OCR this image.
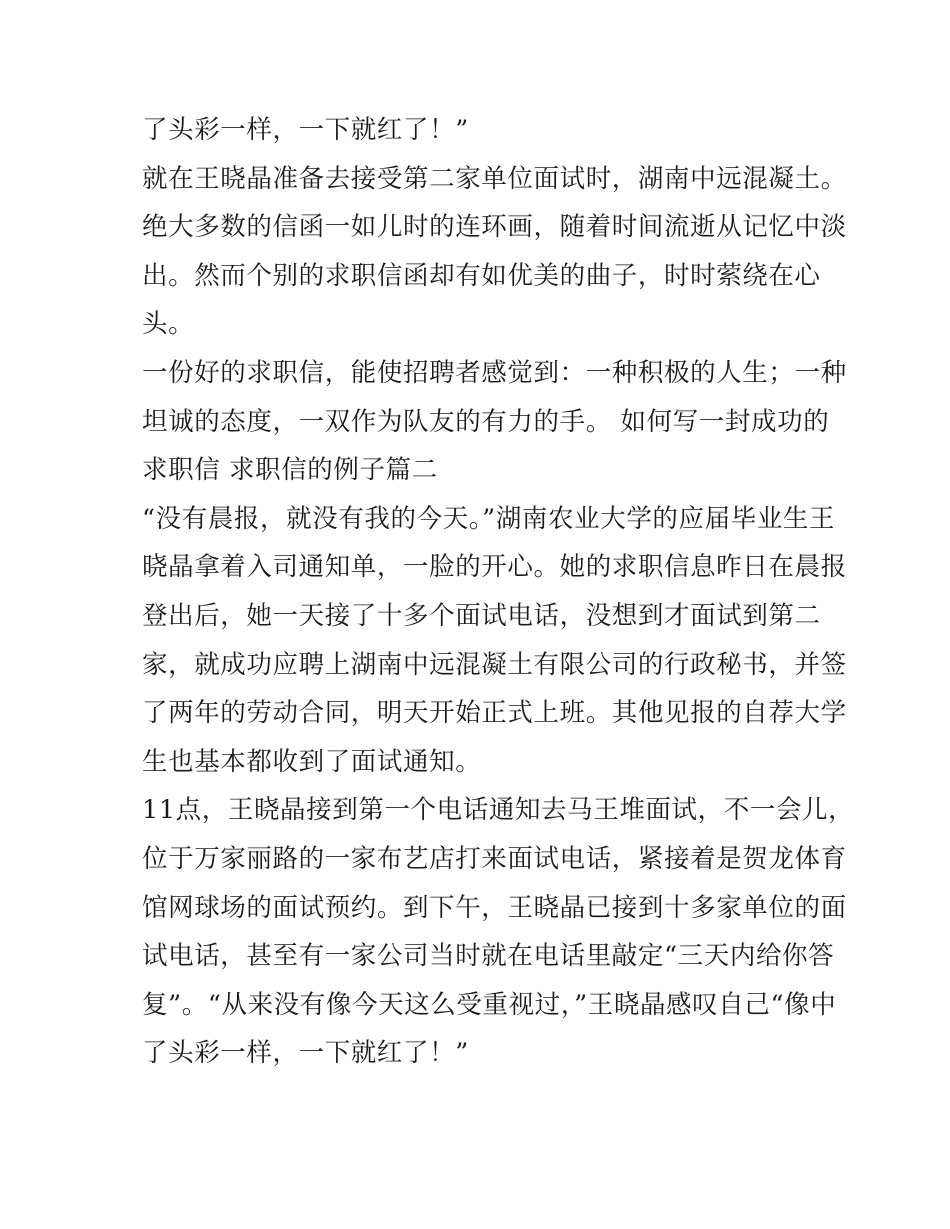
了头彩一样，一下就红了！”
就在王晓晶准备去接受第二家单位面试时，湖南中远混凝土。
绝大多数的信函一如儿时的连环画，随着时间流逝从记忆中淡
出。然而个别的求职信函却有如优美的曲子，时时萦绕在心
头。
一份好的求职信，能使招聘者感觉到：一种积极的人生；一种
坦诚的态度，一双作为队友的有力的手。 如何写一封成功的
求职信 求职信的例子篇二
“没有晨报，就没有我的今天。”湖南农业大学的应届毕业生王
晓晶拿着入司通知单，一脸的开心。她的求职信息昨日在晨报
登出后，她一天接了十多个面试电话，没想到才面试到第二
家，就成功应聘上湖南中远混凝土有限公司的行政秘书，并签
了两年的劳动合同，明天开始正式上班。其他见报的自荐大学
生也基本都收到了面试通知。
11点，王晓晶接到第一个电话通知去马王堆面试，不一会儿，
位于万家丽路的一家布艺店打来面试电话，紧接着是贺龙体育
馆网球场的面试预约。到下午，王晓晶已接到十多家单位的面
试电话，甚至有一家公司当时就在电话里敲定“三天内给你答
复”。“从来没有像今天这么受重视过，”王晓晶感叹自己“像中
了头彩一样，一下就红了！”
